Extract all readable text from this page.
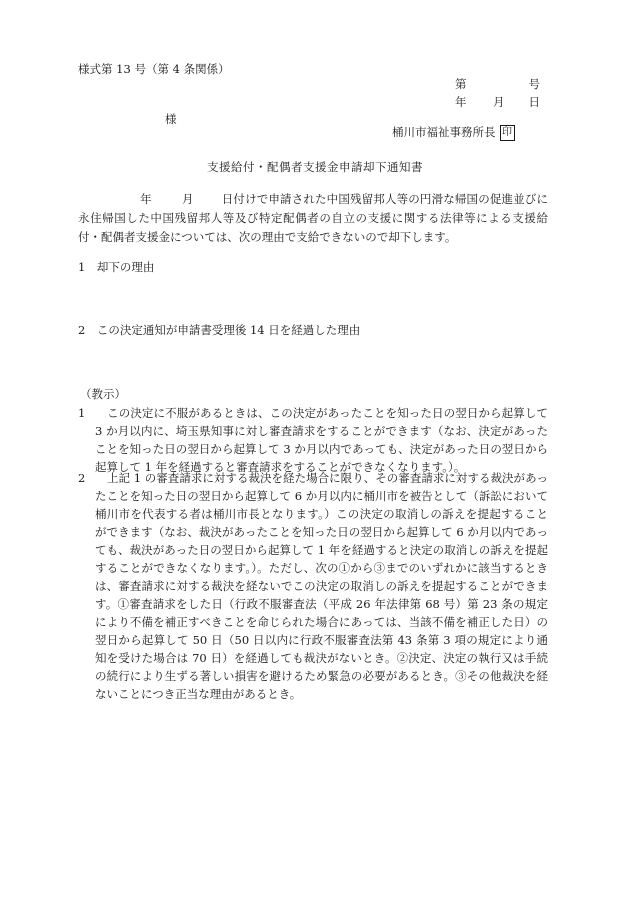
様式第 13 号（第 4 条関係）
第	号
年 月 日
様
桶川市福祉事務所長 印
支援給付・配偶者支援金申請却下通知書
年	月 日付けで申請された中国残留邦人等の円滑な帰国の促進並びに永住帰国した中国残留邦人等及び特定配偶者の自立の支援に関する法律等による支援給付・配偶者支援金については、次の理由で支給できないので却下します。
1　却下の理由
2　この決定通知が申請書受理後 14 日を経過した理由
（教示）
1	この決定に不服があるときは、この決定があったことを知った日の翌日から起算して 3 か月以内に、埼玉県知事に対し審査請求をすることができます（なお、決定があったことを知った日の翌日から起算して 3 か月以内であっても、決定があった日の翌日から起算して 1 年を経過すると審査請求をすることができなくなります。）。
2	上記 1 の審査請求に対する裁決を経た場合に限り、その審査請求に対する裁決があったことを知った日の翌日から起算して 6 か月以内に桶川市を被告として（訴訟において桶川市を代表する者は桶川市長となります。）この決定の取消しの訴えを提起することができます（なお、裁決があったことを知った日の翌日から起算して 6 か月以内であっても、裁決があった日の翌日から起算して 1 年を経過すると決定の取消しの訴えを提起することができなくなります。）。ただし、次の①から③までのいずれかに該当するときは、審査請求に対する裁決を経ないでこの決定の取消しの訴えを提起することができます。①審査請求をした日（行政不服審査法（平成 26 年法律第 68 号）第 23 条の規定により不備を補正すべきことを命じられた場合にあっては、当該不備を補正した日）の翌日から起算して 50 日（50 日以内に行政不服審査法第 43 条第 3 項の規定により通知を受けた場合は 70 日）を経過しても裁決がないとき。②決定、決定の執行又は手続の続行により生ずる著しい損害を避けるため緊急の必要があるとき。③その他裁決を経ないことにつき正当な理由があるとき。
